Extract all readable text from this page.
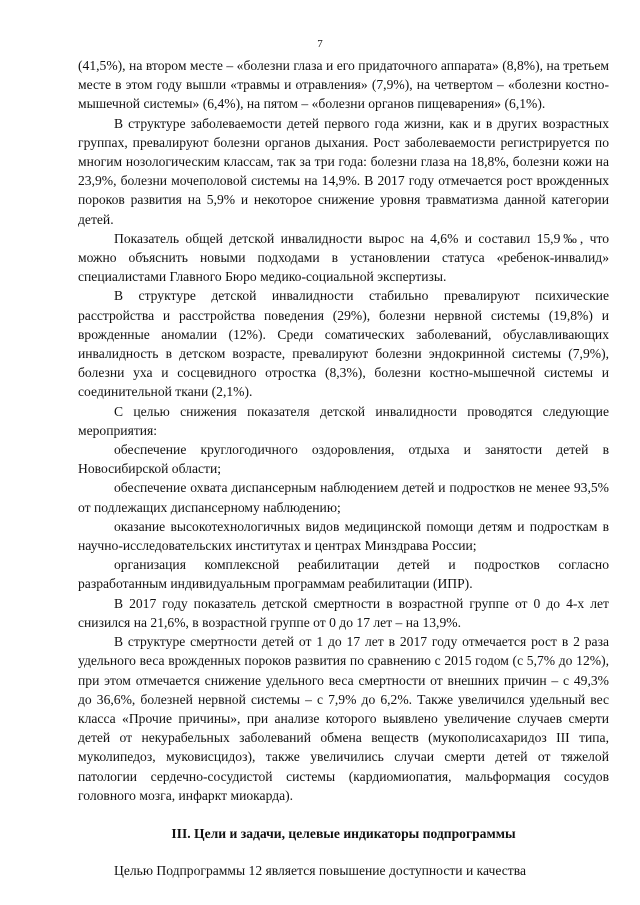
7

(41,5%), на втором месте – «болезни глаза и его придаточного аппарата» (8,8%), на третьем месте в этом году вышли «травмы и отравления» (7,9%), на четвертом – «болезни костно-мышечной системы» (6,4%), на пятом – «болезни органов пищеварения» (6,1%).

В структуре заболеваемости детей первого года жизни, как и в других возрастных группах, превалируют болезни органов дыхания. Рост заболеваемости регистрируется по многим нозологическим классам, так за три года: болезни глаза на 18,8%, болезни кожи на 23,9%, болезни мочеполовой системы на 14,9%. В 2017 году отмечается рост врожденных пороков развития на 5,9% и некоторое снижение уровня травматизма данной категории детей.

Показатель общей детской инвалидности вырос на 4,6% и составил 15,9‰, что можно объяснить новыми подходами в установлении статуса «ребенок-инвалид» специалистами Главного Бюро медико-социальной экспертизы.

В структуре детской инвалидности стабильно превалируют психические расстройства и расстройства поведения (29%), болезни нервной системы (19,8%) и врожденные аномалии (12%). Среди соматических заболеваний, обуславливающих инвалидность в детском возрасте, превалируют болезни эндокринной системы (7,9%), болезни уха и сосцевидного отростка (8,3%), болезни костно-мышечной системы и соединительной ткани (2,1%).

С целью снижения показателя детской инвалидности проводятся следующие мероприятия:

обеспечение круглогодичного оздоровления, отдыха и занятости детей в Новосибирской области;

обеспечение охвата диспансерным наблюдением детей и подростков не менее 93,5% от подлежащих диспансерному наблюдению;

оказание высокотехнологичных видов медицинской помощи детям и подросткам в научно-исследовательских институтах и центрах Минздрава России;

организация комплексной реабилитации детей и подростков согласно разработанным индивидуальным программам реабилитации (ИПР).

В 2017 году показатель детской смертности в возрастной группе от 0 до 4-х лет снизился на 21,6%, в возрастной группе от 0 до 17 лет – на 13,9%.

В структуре смертности детей от 1 до 17 лет в 2017 году отмечается рост в 2 раза удельного веса врожденных пороков развития по сравнению с 2015 годом (с 5,7% до 12%), при этом отмечается снижение удельного веса смертности от внешних причин – с 49,3% до 36,6%, болезней нервной системы – с 7,9% до 6,2%. Также увеличился удельный вес класса «Прочие причины», при анализе которого выявлено увеличение случаев смерти детей от некурабельных заболеваний обмена веществ (мукополисахаридоз III типа, муколипедоз, муковисцидоз), также увеличились случаи смерти детей от тяжелой патологии сердечно-сосудистой системы (кардиомиопатия, мальформация сосудов головного мозга, инфаркт миокарда).

III. Цели и задачи, целевые индикаторы подпрограммы

Целью Подпрограммы 12 является повышение доступности и качества
